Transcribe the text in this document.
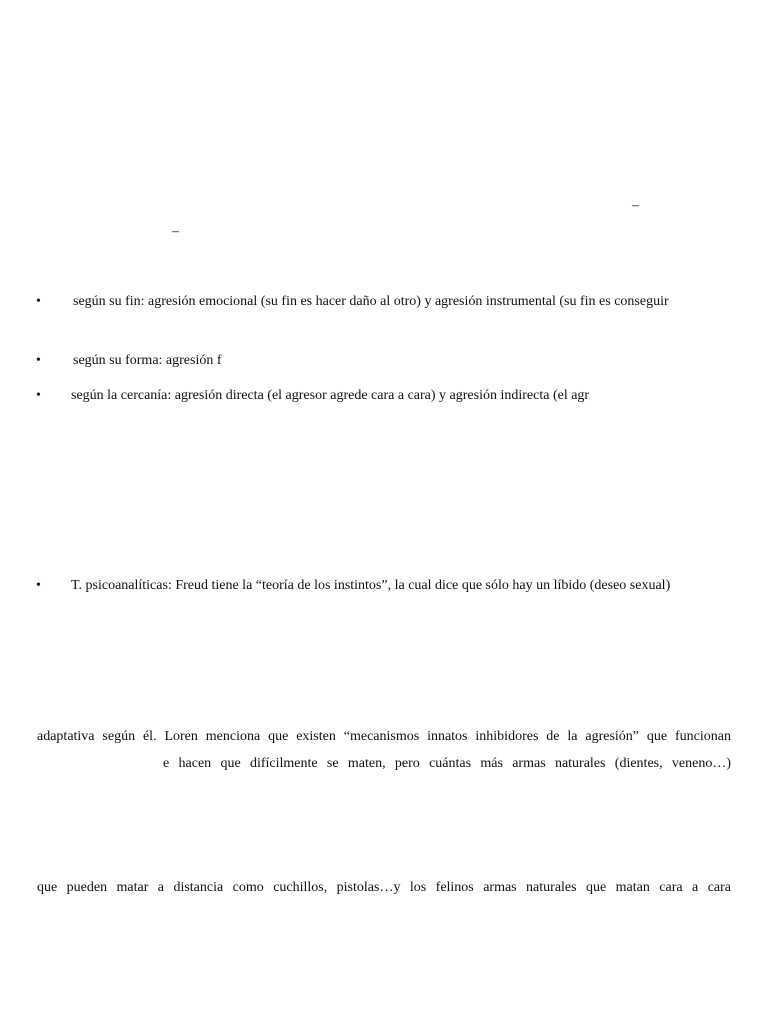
–
–
• según su fin: agresión emocional (su fin es hacer daño al otro) y agresión instrumental (su fin es conseguir
• según su forma: agresión f
• según la cercanía: agresión directa (el agresor agrede cara a cara) y agresión indirecta (el agr
• T. psicoanalíticas: Freud tiene la “teoría de los instintos”, la cual dice que sólo hay un líbido (deseo sexual)
adaptativa según él. Loren menciona que existen “mecanismos innatos inhibidores de la agresión” que funcionan
e hacen que difícilmente se maten, pero cuántas más armas naturales (dientes, veneno…)
que pueden matar a distancia como cuchillos, pistolas…y los felinos armas naturales que matan cara a cara
